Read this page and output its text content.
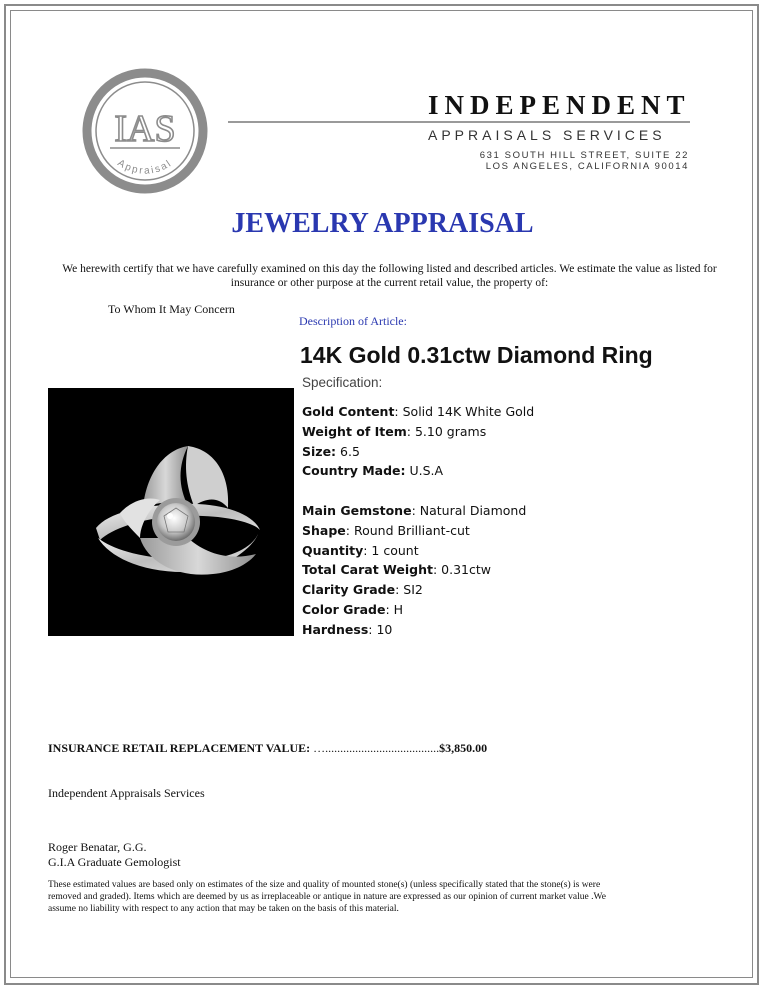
IAS
Appraisal
INDEPENDENT
APPRAISALS SERVICES
631 SOUTH HILL STREET, SUITE 22
LOS ANGELES, CALIFORNIA 90014
JEWELRY APPRAISAL
We herewith certify that we have carefully examined on this day the following listed and described articles. We estimate the value as listed for insurance or other purpose at the current retail value, the property of:
To Whom It May Concern
Description of Article:
14K Gold 0.31ctw Diamond Ring
Specification:
Gold Content: Solid 14K White Gold
Weight of Item: 5.10 grams
Size: 6.5
Country Made: U.S.A
Main Gemstone: Natural Diamond
Shape: Round Brilliant-cut
Quantity: 1 count
Total Carat Weight: 0.31ctw
Clarity Grade: SI2
Color Grade: H
Hardness: 10
INSURANCE RETAIL REPLACEMENT VALUE: …......................................$3,850.00
Independent Appraisals Services
Roger Benatar, G.G.
G.I.A Graduate Gemologist
These estimated values are based only on estimates of the size and quality of mounted stone(s) (unless specifically stated that the stone(s) is were removed and graded). Items which are deemed by us as irreplaceable or antique in nature are expressed as our opinion of current market value .We assume no liability with respect to any action that may be taken on the basis of this material.
